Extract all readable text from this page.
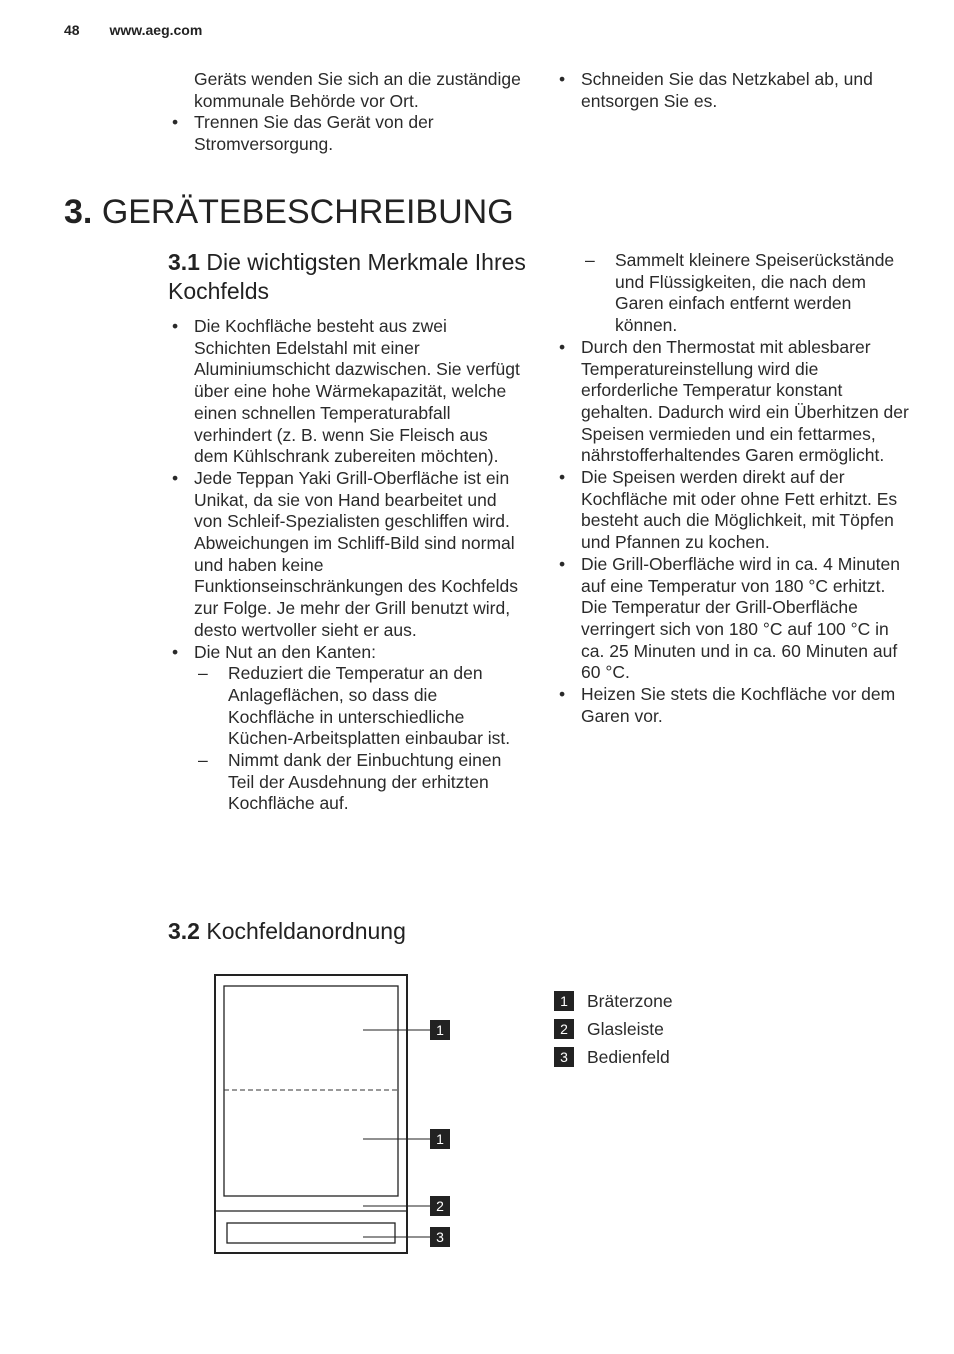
48 www.aeg.com
Geräts wenden Sie sich an die zuständige kommunale Behörde vor Ort.
• Trennen Sie das Gerät von der Stromversorgung.
• Schneiden Sie das Netzkabel ab, und entsorgen Sie es.
3. GERÄTEBESCHREIBUNG
3.1 Die wichtigsten Merkmale Ihres Kochfelds
• Die Kochfläche besteht aus zwei Schichten Edelstahl mit einer Aluminiumschicht dazwischen. Sie verfügt über eine hohe Wärmekapazität, welche einen schnellen Temperaturabfall verhindert (z. B. wenn Sie Fleisch aus dem Kühlschrank zubereiten möchten).
• Jede Teppan Yaki Grill-Oberfläche ist ein Unikat, da sie von Hand bearbeitet und von Schleif-Spezialisten geschliffen wird. Abweichungen im Schliff-Bild sind normal und haben keine Funktionseinschränkungen des Kochfelds zur Folge. Je mehr der Grill benutzt wird, desto wertvoller sieht er aus.
• Die Nut an den Kanten:
– Reduziert die Temperatur an den Anlageflächen, so dass die Kochfläche in unterschiedliche Küchen-Arbeitsplatten einbaubar ist.
– Nimmt dank der Einbuchtung einen Teil der Ausdehnung der erhitzten Kochfläche auf.
– Sammelt kleinere Speiserückstände und Flüssigkeiten, die nach dem Garen einfach entfernt werden können.
• Durch den Thermostat mit ablesbarer Temperatureinstellung wird die erforderliche Temperatur konstant gehalten. Dadurch wird ein Überhitzen der Speisen vermieden und ein fettarmes, nährstofferhaltendes Garen ermöglicht.
• Die Speisen werden direkt auf der Kochfläche mit oder ohne Fett erhitzt. Es besteht auch die Möglichkeit, mit Töpfen und Pfannen zu kochen.
• Die Grill-Oberfläche wird in ca. 4 Minuten auf eine Temperatur von 180 °C erhitzt. Die Temperatur der Grill-Oberfläche verringert sich von 180 °C auf 100 °C in ca. 25 Minuten und in ca. 60 Minuten auf 60 °C.
• Heizen Sie stets die Kochfläche vor dem Garen vor.
3.2 Kochfeldanordnung
1
1
2
3
1	Bräterzone
2	Glasleiste
3	Bedienfeld
